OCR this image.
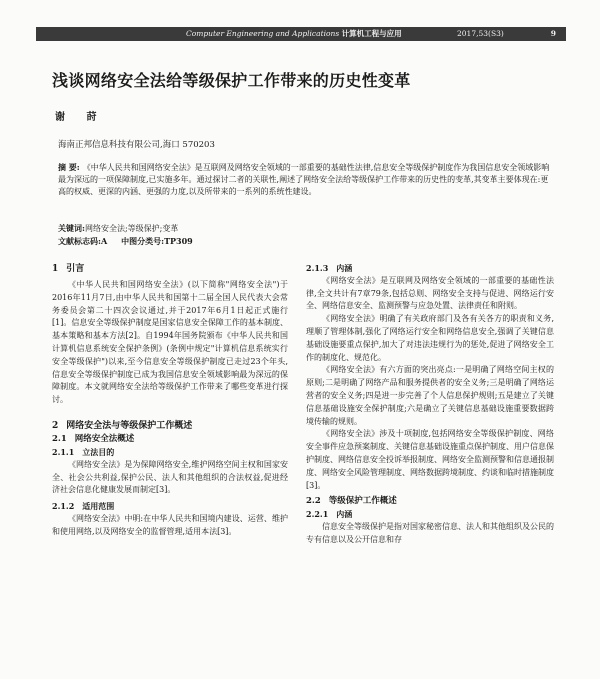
Computer Engineering and Applications 计算机工程与应用	2017,53(S3)	9
浅谈网络安全法给等级保护工作带来的历史性变革
谢 莳
海南正邦信息科技有限公司,海口 570203

摘 要: 《中华人民共和国网络安全法》是互联网及网络安全领域的一部重要的基础性法律,信息安全等级保护制度作为我国信息安全领域影响最为深远的一项保障制度,已实施多年。通过探讨二者的关联性,阐述了网络安全法给等级保护工作带来的历史性的变革,其变革主要体现在:更高的权威、更深的内涵、更强的力度,以及所带来的一系列的系统性建设。

关键词:网络安全法;等级保护;变革

文献标志码:A 中图分类号:TP309
1 引言

《中华人民共和国网络安全法》(以下简称"网络安全法")于2016年11月7日,由中华人民共和国第十二届全国人民代表大会常务委员会第二十四次会议通过,并于2017年6月1日起正式施行[1]。信息安全等级保护制度是国家信息安全保障工作的基本制度、基本策略和基本方法[2]。自1994年国务院颁布《中华人民共和国计算机信息系统安全保护条例》(条例中规定"计算机信息系统实行安全等级保护")以来,至今信息安全等级保护制度已走过23个年头,信息安全等级保护制度已成为我国信息安全领域影响最为深远的保障制度。本文就网络安全法给等级保护工作带来了哪些变革进行探讨。

2 网络安全法与等级保护工作概述
2.1 网络安全法概述
2.1.1 立法目的

《网络安全法》是为保障网络安全,维护网络空间主权和国家安全、社会公共利益,保护公民、法人和其他组织的合法权益,促进经济社会信息化健康发展而制定[3]。

2.1.2 适用范围

《网络安全法》中明:在中华人民共和国境内建设、运营、维护和使用网络,以及网络安全的监督管理,适用本法[3]。

2.1.3 内涵

《网络安全法》是互联网及网络安全领域的一部重要的基础性法律,全文共计有7章79条,包括总则、网络安全支持与促进、网络运行安全、网络信息安全、监测预警与应急处置、法律责任和附则。

《网络安全法》明确了有关政府部门及各有关各方的职责和义务,理顺了管理体制,强化了网络运行安全和网络信息安全,强调了关键信息基础设施要重点保护,加大了对违法违规行为的惩处,促进了网络安全工作的制度化、规范化。

《网络安全法》有六方面的突出亮点:一是明确了网络空间主权的原则;二是明确了网络产品和服务提供者的安全义务;三是明确了网络运营者的安全义务;四是进一步完善了个人信息保护规则;五是建立了关键信息基础设施安全保护制度;六是确立了关键信息基础设施重要数据跨境传输的规则。

《网络安全法》涉及十项制度,包括网络安全等级保护制度、网络安全事件应急预案制度、关键信息基础设施重点保护制度、用户信息保护制度、网络信息安全投诉举报制度、网络安全监测预警和信息通报制度、网络安全风险管理制度、网络数据跨境制度、约谈和临时措施制度[3]。

2.2 等级保护工作概述
2.2.1 内涵

信息安全等级保护是指对国家秘密信息、法人和其他组织及公民的专有信息以及公开信息和存
